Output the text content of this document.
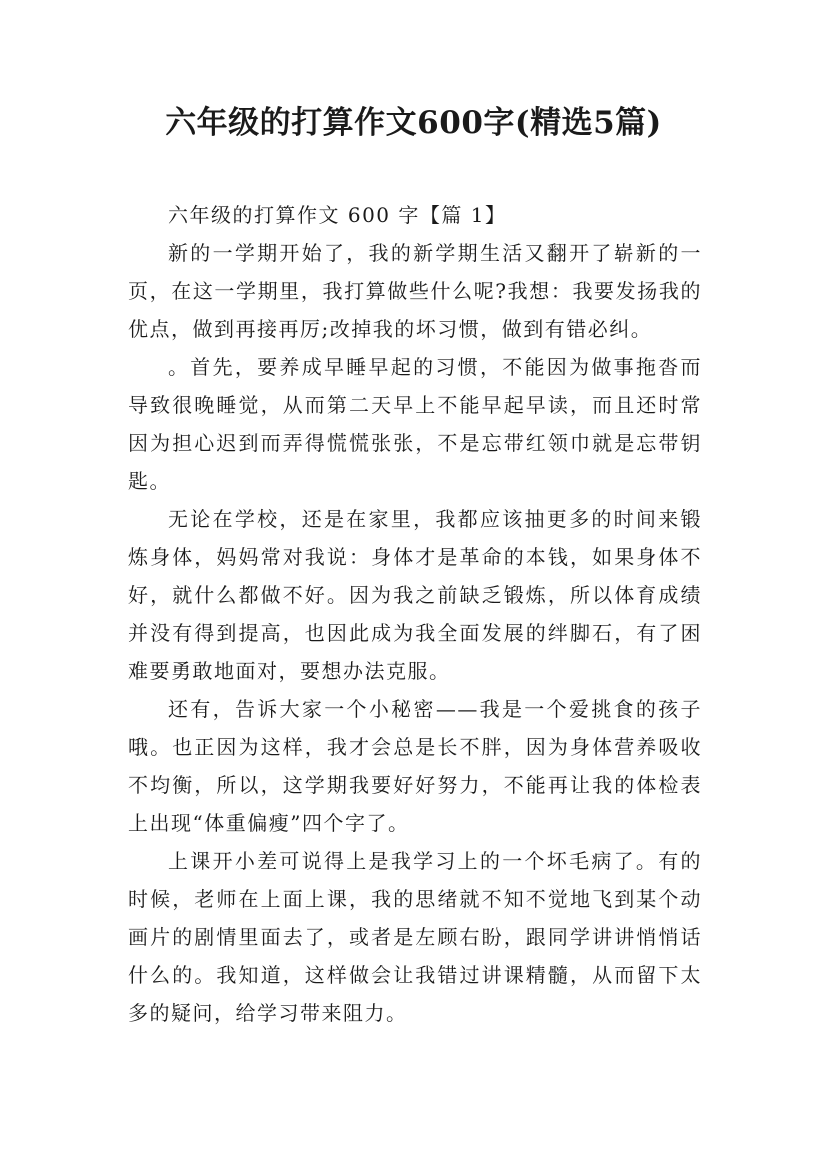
六年级的打算作文600字(精选5篇)

六年级的打算作文 600 字【篇 1】

新的一学期开始了，我的新学期生活又翻开了崭新的一页，在这一学期里，我打算做些什么呢?我想：我要发扬我的优点，做到再接再厉;改掉我的坏习惯，做到有错必纠。

。首先，要养成早睡早起的习惯，不能因为做事拖沓而导致很晚睡觉，从而第二天早上不能早起早读，而且还时常因为担心迟到而弄得慌慌张张，不是忘带红领巾就是忘带钥匙。

无论在学校，还是在家里，我都应该抽更多的时间来锻炼身体，妈妈常对我说：身体才是革命的本钱，如果身体不好，就什么都做不好。因为我之前缺乏锻炼，所以体育成绩并没有得到提高，也因此成为我全面发展的绊脚石，有了困难要勇敢地面对，要想办法克服。

还有，告诉大家一个小秘密——我是一个爱挑食的孩子哦。也正因为这样，我才会总是长不胖，因为身体营养吸收不均衡，所以，这学期我要好好努力，不能再让我的体检表上出现“体重偏瘦”四个字了。

上课开小差可说得上是我学习上的一个坏毛病了。有的时候，老师在上面上课，我的思绪就不知不觉地飞到某个动画片的剧情里面去了，或者是左顾右盼，跟同学讲讲悄悄话什么的。我知道，这样做会让我错过讲课精髓，从而留下太多的疑问，给学习带来阻力。
